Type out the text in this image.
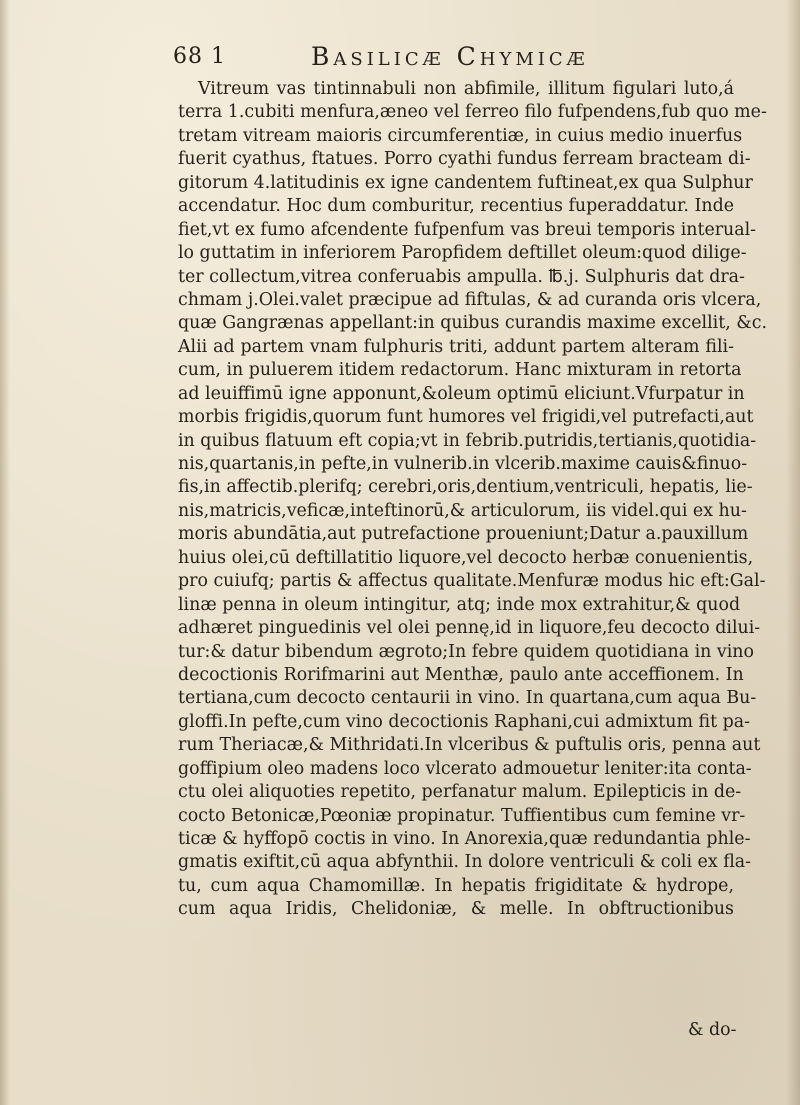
68 1	Basilicæ Chymicæ
Vitreum vas tintinnabuli non abfimile, illitum figulari luto,á
terra 1.cubiti menfura,æneo vel ferreo filo fufpendens,fub quo me-
tretam vitream maioris circumferentiæ, in cuius medio inuerfus
fuerit cyathus, ftatues. Porro cyathi fundus ferream bracteam di-
gitorum 4.latitudinis ex igne candentem fuftineat,ex qua Sulphur
accendatur. Hoc dum comburitur, recentius fuperaddatur. Inde
fiet,vt ex fumo afcendente fufpenfum vas breui temporis interual-
lo guttatim in inferiorem Paropfidem deftillet oleum:quod dilige-
ter collectum,vitrea conferuabis ampulla. ℔.j. Sulphuris dat dra-
chmam j.Olei.valet præcipue ad fiftulas, & ad curanda oris vlcera,
quæ Gangrænas appellant:in quibus curandis maxime excellit, &c.
Alii ad partem vnam fulphuris triti, addunt partem alteram fili-
cum, in puluerem itidem redactorum. Hanc mixturam in retorta
ad leuiffimū igne apponunt,&oleum optimū eliciunt.Vfurpatur in
morbis frigidis,quorum funt humores vel frigidi,vel putrefacti,aut
in quibus flatuum eft copia;vt in febrib.putridis,tertianis,quotidia-
nis,quartanis,in pefte,in vulnerib.in vlcerib.maxime cauis&finuo-
fis,in affectib.plerifq; cerebri,oris,dentium,ventriculi, hepatis, lie-
nis,matricis,veficæ,inteftinorū,& articulorum, iis videl.qui ex hu-
moris abundātia,aut putrefactione proueniunt;Datur a.pauxillum
huius olei,cū deftillatitio liquore,vel decocto herbæ conuenientis,
pro cuiufq; partis & affectus qualitate.Menfuræ modus hic eft:Gal-
linæ penna in oleum intingitur, atq; inde mox extrahitur,& quod
adhæret pinguedinis vel olei pennę,id in liquore,feu decocto dilui-
tur:& datur bibendum ægroto;In febre quidem quotidiana in vino
decoctionis Rorifmarini aut Menthæ, paulo ante acceffionem. In
tertiana,cum decocto centaurii in vino. In quartana,cum aqua Bu-
gloffi.In pefte,cum vino decoctionis Raphani,cui admixtum fit pa-
rum Theriacæ,& Mithridati.In vlceribus & puftulis oris, penna aut
goffipium oleo madens loco vlcerato admouetur leniter:ita conta-
ctu olei aliquoties repetito, perfanatur malum. Epilepticis in de-
cocto Betonicæ,Pœoniæ propinatur. Tuffientibus cum femine vr-
ticæ & hyffopō coctis in vino. In Anorexia,quæ redundantia phle-
gmatis exiftit,cū aqua abfynthii. In dolore ventriculi & coli ex fla-
tu, cum aqua Chamomillæ. In hepatis frigiditate & hydrope,
cum aqua Iridis, Chelidoniæ, & melle. In obftructionibus
& do-
